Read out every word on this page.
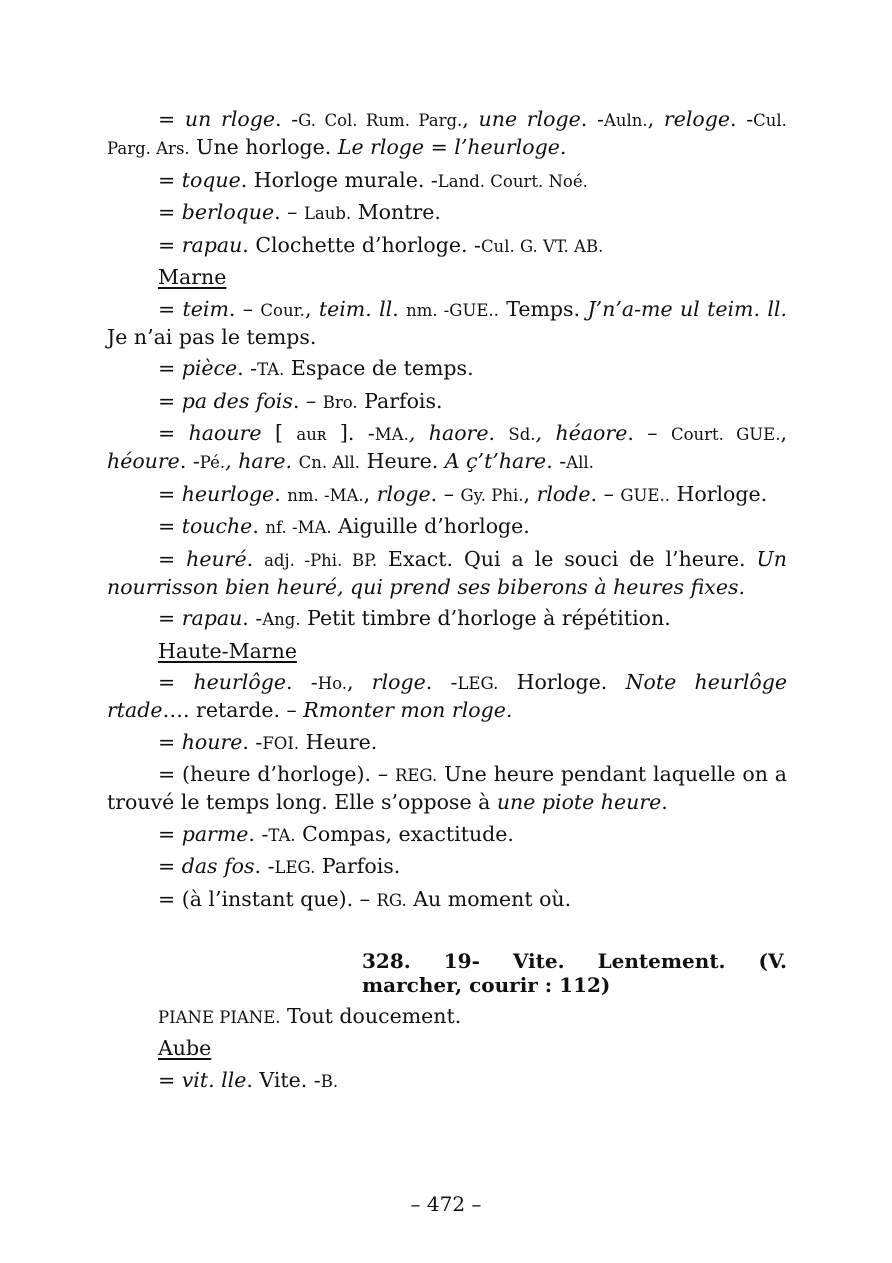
= un rloge. -G. Col. Rum. Parg., une rloge. -Auln., reloge. -Cul. Parg. Ars. Une horloge. Le rloge = l’heurloge.

= toque. Horloge murale. -Land. Court. Noé.

= berloque. – Laub. Montre.

= rapau. Clochette d’horloge. -Cul. G. VT. AB.

Marne

= teim. – Cour., teim. ll. nm. -GUE.. Temps. J’n’a-me ul teim. ll. Je n’ai pas le temps.

= pièce. -TA. Espace de temps.

= pa des fois. – Bro. Parfois.

= haoure [ auʀ ]. -MA., haore. Sd., héaore. – Court. GUE., héoure. -Pé., hare. Cn. All. Heure. A ç’t’hare. -All.

= heurloge. nm. -MA., rloge. – Gy. Phi., rlode. – GUE.. Horloge.

= touche. nf. -MA. Aiguille d’horloge.

= heuré. adj. -Phi. BP. Exact. Qui a le souci de l’heure. Un nourrisson bien heuré, qui prend ses biberons à heures fixes.

= rapau. -Ang. Petit timbre d’horloge à répétition.

Haute-Marne

= heurlôge. -Ho., rloge. -LEG. Horloge. Note heurlôge rtade…. retarde. – Rmonter mon rloge.

= houre. -FOI. Heure.

= (heure d’horloge). – REG. Une heure pendant laquelle on a trouvé le temps long. Elle s’oppose à une piote heure.

= parme. -TA. Compas, exactitude.

= das fos. -LEG. Parfois.

= (à l’instant que). – RG. Au moment où.

328. 19- Vite. Lentement. (V.
marcher, courir : 112)

PIANE PIANE. Tout doucement.

Aube

= vit. lle. Vite. -B.

– 472 –
